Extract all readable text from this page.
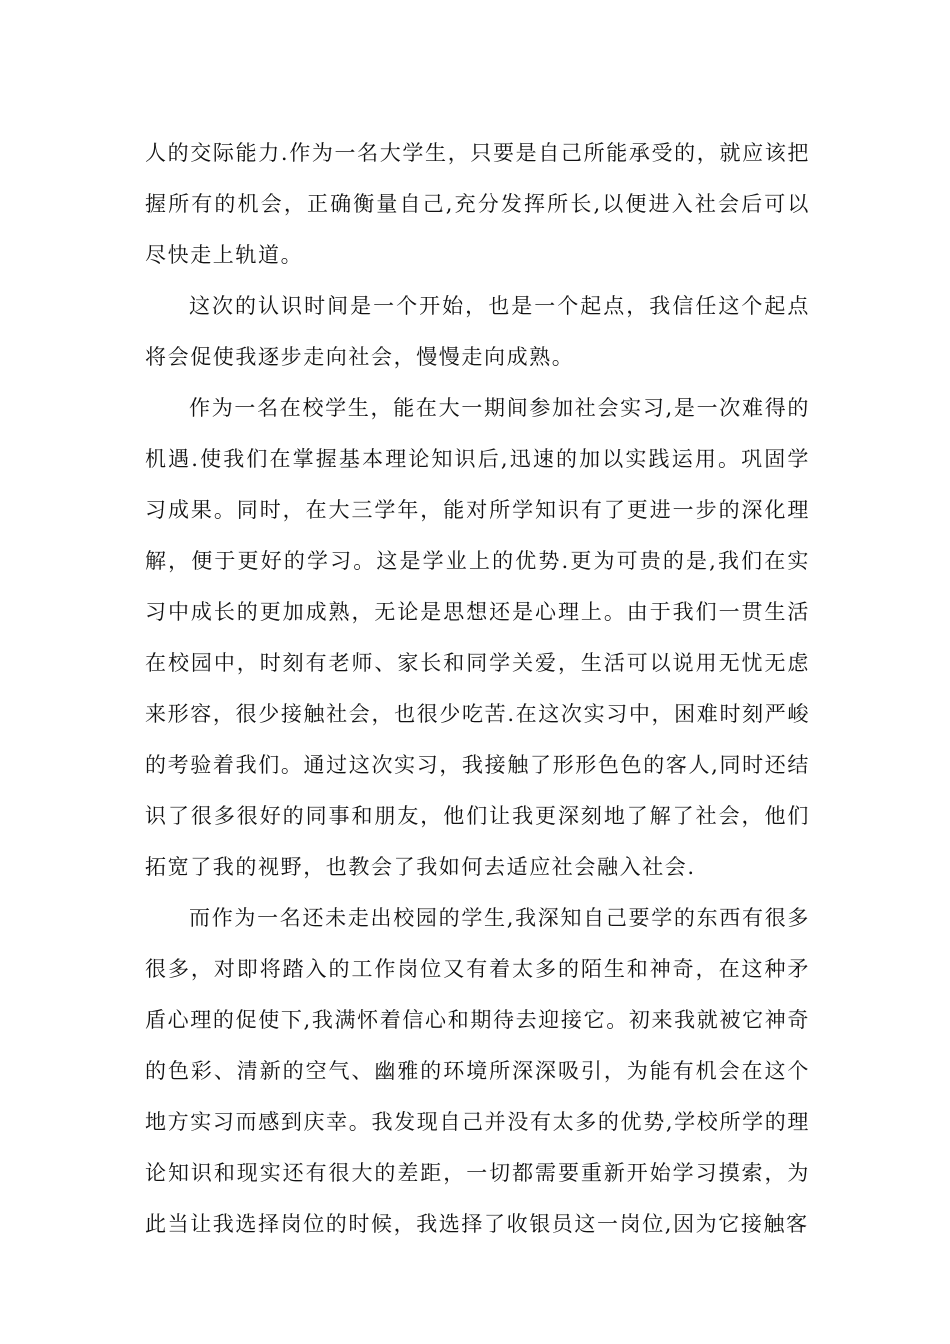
人的交际能力.作为一名大学生，只要是自己所能承受的，就应该把握所有的机会，正确衡量自己,充分发挥所长,以便进入社会后可以尽快走上轨道。

这次的认识时间是一个开始，也是一个起点，我信任这个起点将会促使我逐步走向社会，慢慢走向成熟。

作为一名在校学生，能在大一期间参加社会实习,是一次难得的机遇.使我们在掌握基本理论知识后,迅速的加以实践运用。巩固学习成果。同时，在大三学年，能对所学知识有了更进一步的深化理解，便于更好的学习。这是学业上的优势.更为可贵的是,我们在实习中成长的更加成熟，无论是思想还是心理上。由于我们一贯生活在校园中，时刻有老师、家长和同学关爱，生活可以说用无忧无虑来形容，很少接触社会，也很少吃苦.在这次实习中，困难时刻严峻的考验着我们。通过这次实习，我接触了形形色色的客人,同时还结识了很多很好的同事和朋友，他们让我更深刻地了解了社会，他们拓宽了我的视野，也教会了我如何去适应社会融入社会.

而作为一名还未走出校园的学生,我深知自己要学的东西有很多很多，对即将踏入的工作岗位又有着太多的陌生和神奇，在这种矛盾心理的促使下,我满怀着信心和期待去迎接它。初来我就被它神奇的色彩、清新的空气、幽雅的环境所深深吸引，为能有机会在这个地方实习而感到庆幸。我发现自己并没有太多的优势,学校所学的理论知识和现实还有很大的差距，一切都需要重新开始学习摸索，为此当让我选择岗位的时候，我选择了收银员这一岗位,因为它接触客
